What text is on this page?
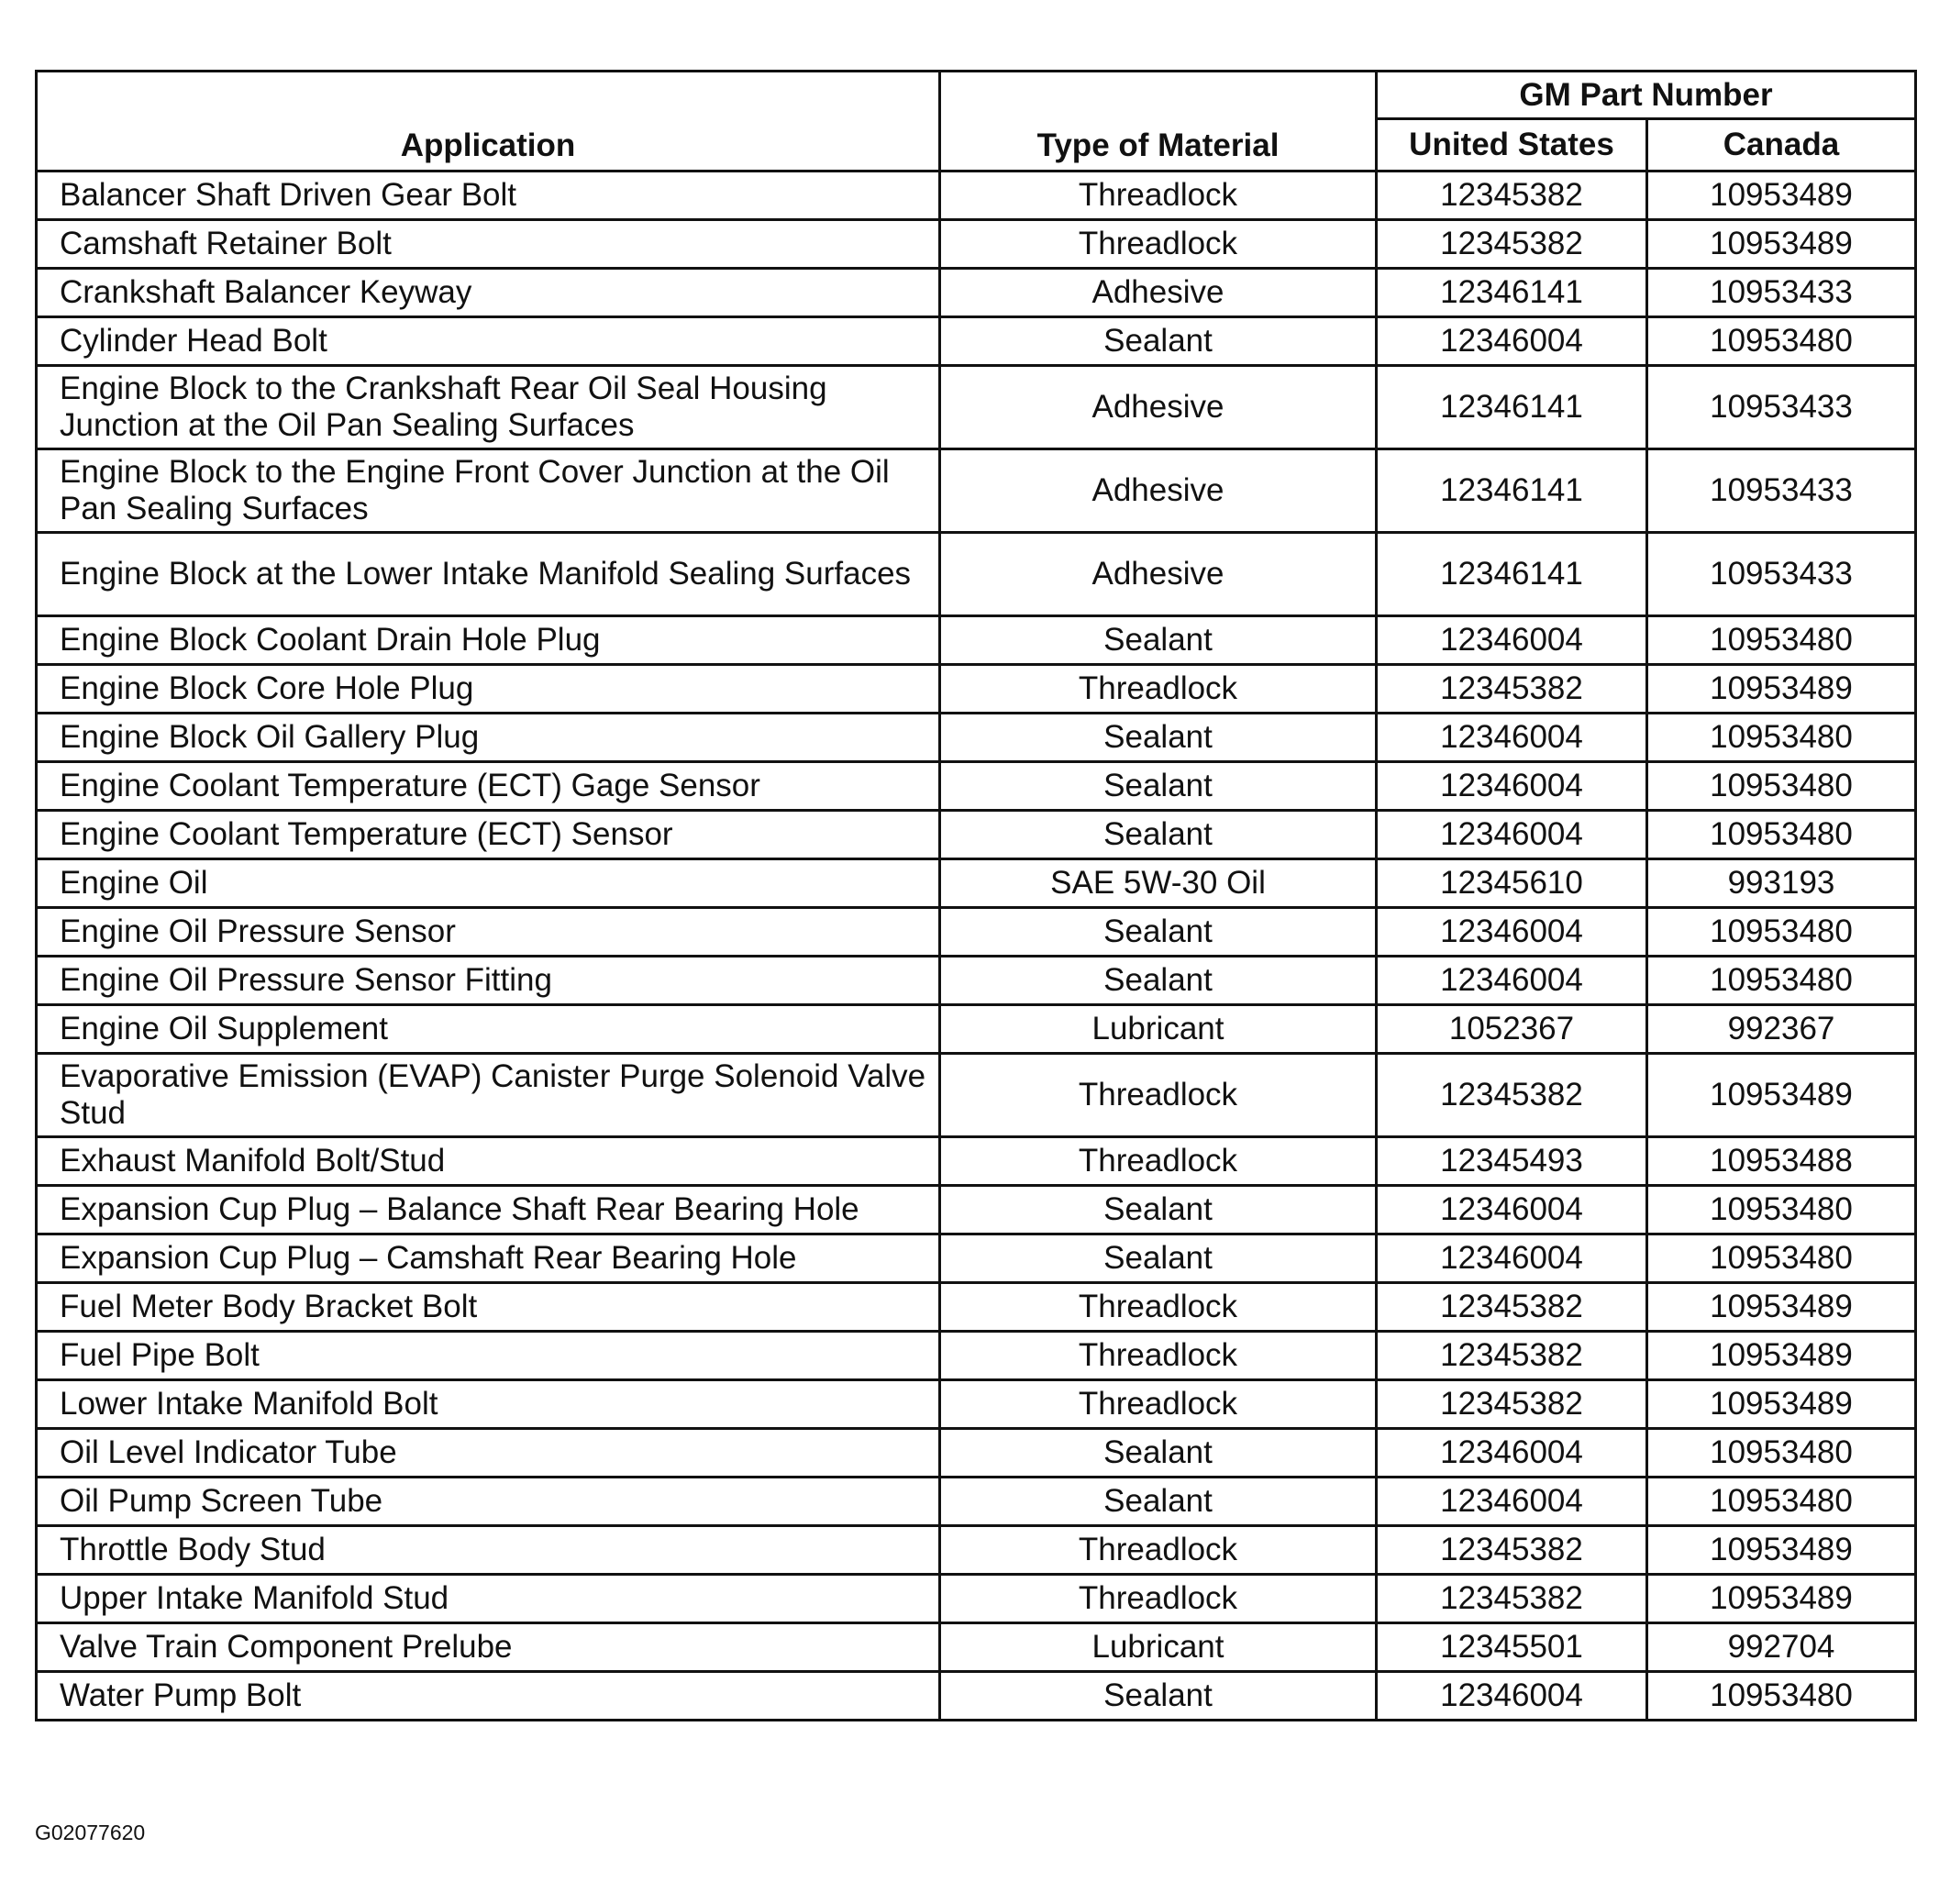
Application	Type of Material	GM Part Number	
		United States	Canada
Balancer Shaft Driven Gear Bolt	Threadlock	12345382	10953489
Camshaft Retainer Bolt	Threadlock	12345382	10953489
Crankshaft Balancer Keyway	Adhesive	12346141	10953433
Cylinder Head Bolt	Sealant	12346004	10953480
Engine Block to the Crankshaft Rear Oil Seal Housing Junction at the Oil Pan Sealing Surfaces	Adhesive	12346141	10953433
Engine Block to the Engine Front Cover Junction at the Oil Pan Sealing Surfaces	Adhesive	12346141	10953433
Engine Block at the Lower Intake Manifold Sealing Surfaces	Adhesive	12346141	10953433
Engine Block Coolant Drain Hole Plug	Sealant	12346004	10953480
Engine Block Core Hole Plug	Threadlock	12345382	10953489
Engine Block Oil Gallery Plug	Sealant	12346004	10953480
Engine Coolant Temperature (ECT) Gage Sensor	Sealant	12346004	10953480
Engine Coolant Temperature (ECT) Sensor	Sealant	12346004	10953480
Engine Oil	SAE 5W-30 Oil	12345610	993193
Engine Oil Pressure Sensor	Sealant	12346004	10953480
Engine Oil Pressure Sensor Fitting	Sealant	12346004	10953480
Engine Oil Supplement	Lubricant	1052367	992367
Evaporative Emission (EVAP) Canister Purge Solenoid Valve Stud	Threadlock	12345382	10953489
Exhaust Manifold Bolt/Stud	Threadlock	12345493	10953488
Expansion Cup Plug – Balance Shaft Rear Bearing Hole	Sealant	12346004	10953480
Expansion Cup Plug – Camshaft Rear Bearing Hole	Sealant	12346004	10953480
Fuel Meter Body Bracket Bolt	Threadlock	12345382	10953489
Fuel Pipe Bolt	Threadlock	12345382	10953489
Lower Intake Manifold Bolt	Threadlock	12345382	10953489
Oil Level Indicator Tube	Sealant	12346004	10953480
Oil Pump Screen Tube	Sealant	12346004	10953480
Throttle Body Stud	Threadlock	12345382	10953489
Upper Intake Manifold Stud	Threadlock	12345382	10953489
Valve Train Component Prelube	Lubricant	12345501	992704
Water Pump Bolt	Sealant	12346004	10953480
G02077620
